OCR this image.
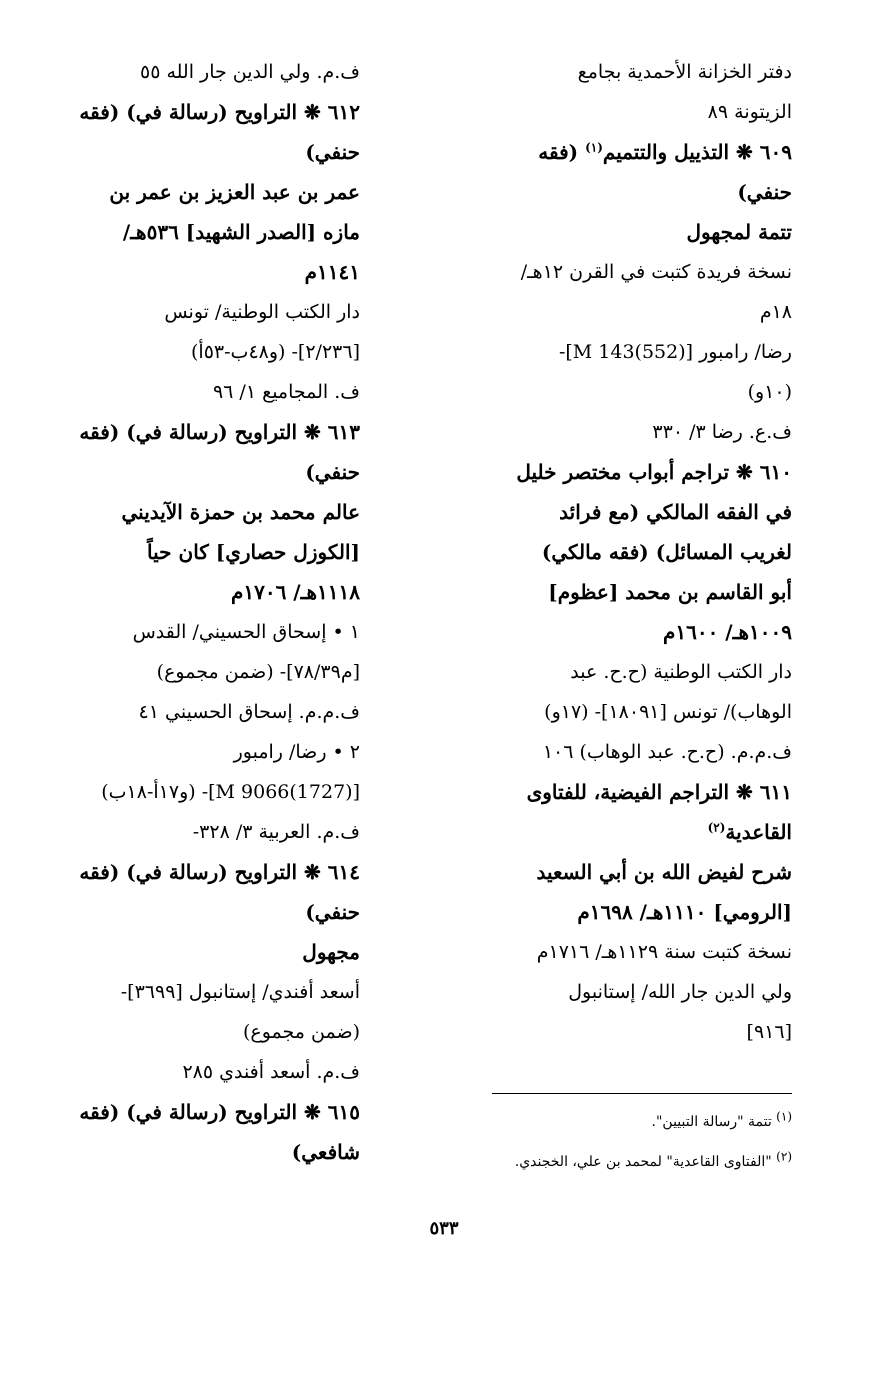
دفتر الخزانة الأحمدية بجامع
الزيتونة ٨٩
٦٠٩ ❋ التذييل والتتميم$^{(١)}$ (فقه
حنفي)
تتمة لمجهول
نسخة فريدة كتبت في القرن ١٢هـ/
١٨م
رضا/ رامبور [M 143(552)]-
(١٠و)
ف.ع. رضا ٣/ ٣٣٠
٦١٠ ❋ تراجم أبواب مختصر خليل
في الفقه المالكي (مع فرائد
لغريب المسائل) (فقه مالكي)
أبو القاسم بن محمد [عظوم]
١٠٠٩هـ/ ١٦٠٠م
دار الكتب الوطنية (ح.ح. عبد
الوهاب)/ تونس [١٨٠٩١]- (١٧و)
ف.م.م. (ح.ح. عبد الوهاب) ١٠٦
٦١١ ❋ التراجم الفيضية، للفتاوى
القاعدية$^{(٢)}$
شرح لفيض الله بن أبي السعيد
[الرومي] ١١١٠هـ/ ١٦٩٨م
نسخة كتبت سنة ١١٢٩هـ/ ١٧١٦م
ولي الدين جار الله/ إستانبول
[٩١٦]
ف.م. ولي الدين جار الله ٥٥
٦١٢ ❋ التراويح (رسالة في) (فقه
حنفي)
عمر بن عبد العزيز بن عمر بن
مازه [الصدر الشهيد] ٥٣٦هـ/
١١٤١م
دار الكتب الوطنية/ تونس
[٢/٢٣٦]- (و٤٨ب-٥٣أ)
ف. المجاميع ١/ ٩٦
٦١٣ ❋ التراويح (رسالة في) (فقه
حنفي)
عالم محمد بن حمزة الآيديني
[الكوزل حصاري] كان حياً
١١١٨هـ/ ١٧٠٦م
١ • إسحاق الحسيني/ القدس
[م٧٨/٣٩]- (ضمن مجموع)
ف.م.م. إسحاق الحسيني ٤١
٢ • رضا/ رامبور
[M 9066(1727)]- (و١٧أ-١٨ب)
ف.م. العربية ٣/ ٣٢٨-
٦١٤ ❋ التراويح (رسالة في) (فقه
حنفي)
مجهول
أسعد أفندي/ إستانبول [٣٦٩٩]-
(ضمن مجموع)
ف.م. أسعد أفندي ٢٨٥
٦١٥ ❋ التراويح (رسالة في) (فقه
شافعي)
(١) تتمة "رسالة التبيين".
(٢) "الفتاوى القاعدية" لمحمد بن علي، الخجندي.
٥٣٣
